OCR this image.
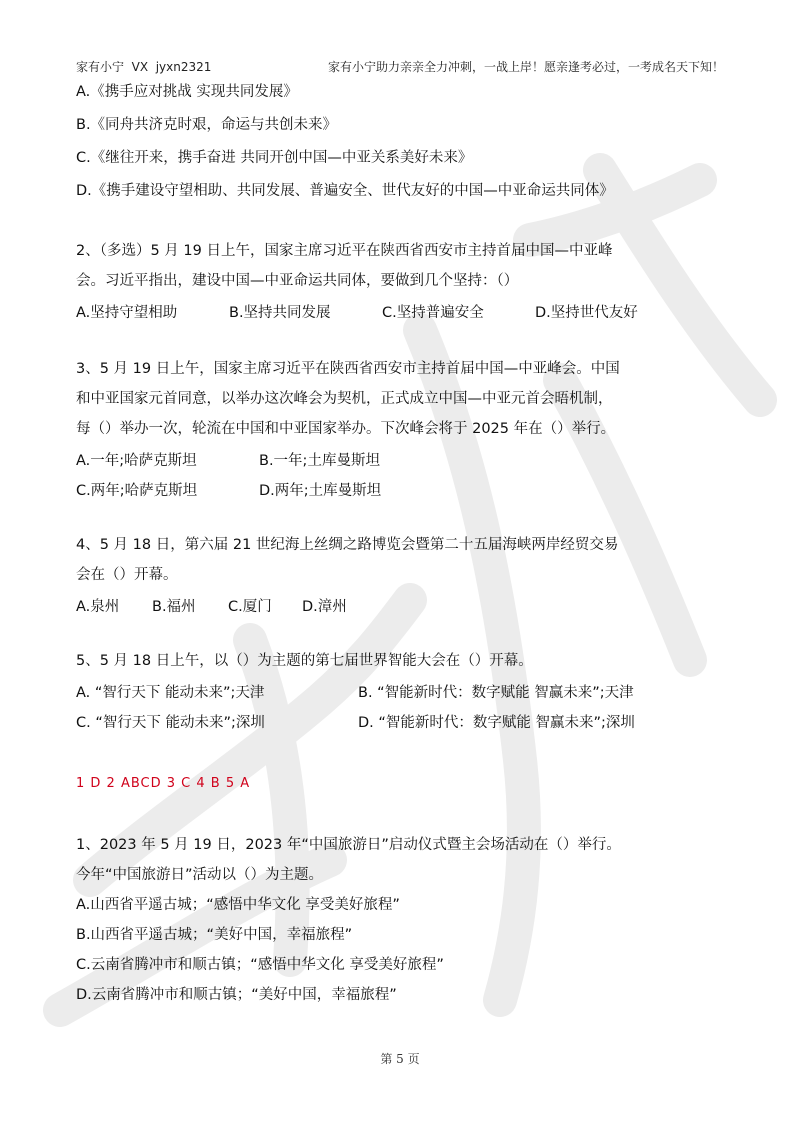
家有小宁  VX  jyxn2321	家有小宁助力亲亲全力冲刺，一战上岸！愿亲逢考必过，一考成名天下知！
A.《携手应对挑战 实现共同发展》
B.《同舟共济克时艰，命运与共创未来》
C.《继往开来，携手奋进 共同开创中国—中亚关系美好未来》
D.《携手建设守望相助、共同发展、普遍安全、世代友好的中国—中亚命运共同体》
2、（多选）5 月 19 日上午，国家主席习近平在陕西省西安市主持首届中国—中亚峰
会。习近平指出，建设中国—中亚命运共同体，要做到几个坚持：（）
A.坚持守望相助	B.坚持共同发展	C.坚持普遍安全	D.坚持世代友好
3、5 月 19 日上午，国家主席习近平在陕西省西安市主持首届中国—中亚峰会。中国
和中亚国家元首同意，以举办这次峰会为契机，正式成立中国—中亚元首会晤机制，
每（）举办一次，轮流在中国和中亚国家举办。下次峰会将于 2025 年在（）举行。
A.一年;哈萨克斯坦	B.一年;土库曼斯坦
C.两年;哈萨克斯坦	D.两年;土库曼斯坦
4、5 月 18 日，第六届 21 世纪海上丝绸之路博览会暨第二十五届海峡两岸经贸交易
会在（）开幕。
A.泉州 B.福州 C.厦门 D.漳州
5、5 月 18 日上午，以（）为主题的第七届世界智能大会在（）开幕。
A. “智行天下 能动未来”;天津	B. “智能新时代：数字赋能 智赢未来”;天津
C. “智行天下 能动未来”;深圳	D. “智能新时代：数字赋能 智赢未来”;深圳
1 D 2 ABCD 3 C 4 B 5 A
1、2023 年 5 月 19 日，2023 年“中国旅游日”启动仪式暨主会场活动在（）举行。
今年“中国旅游日”活动以（）为主题。
A.山西省平遥古城；“感悟中华文化 享受美好旅程”
B.山西省平遥古城；“美好中国，幸福旅程”
C.云南省腾冲市和顺古镇；“感悟中华文化 享受美好旅程”
D.云南省腾冲市和顺古镇；“美好中国，幸福旅程”
第 5 页
